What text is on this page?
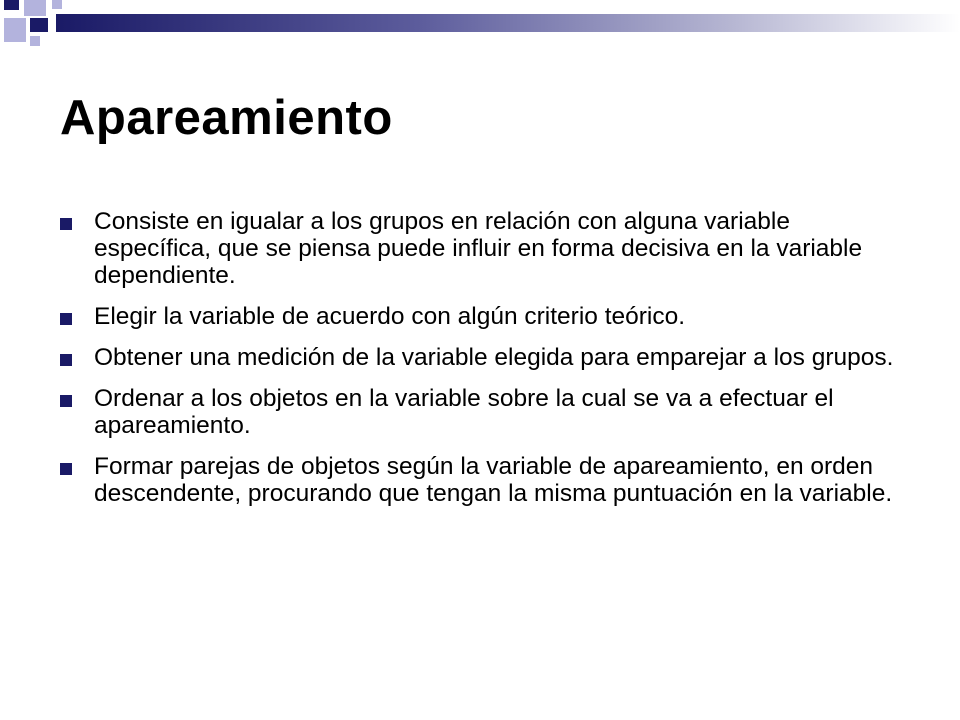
Apareamiento
Consiste en igualar a los grupos en relación con alguna variable específica, que se piensa puede influir en forma decisiva en la variable dependiente.
Elegir la variable de acuerdo con algún criterio teórico.
Obtener una medición de la variable elegida para emparejar a los grupos.
Ordenar a los objetos en la variable sobre la cual se va a efectuar el apareamiento.
Formar parejas de objetos según la variable de apareamiento, en orden descendente, procurando que tengan la misma puntuación en la variable.
